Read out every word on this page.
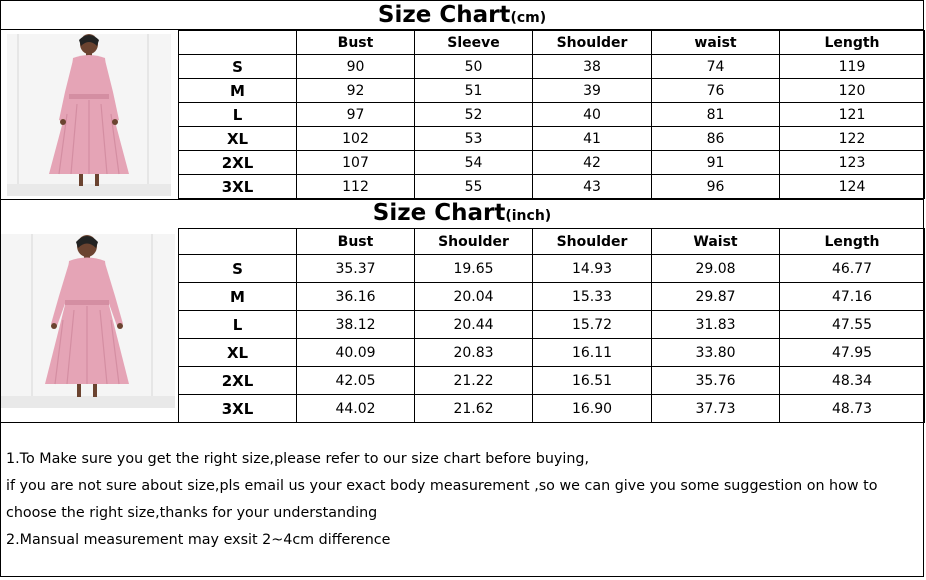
Size Chart(cm)
	Bust	Sleeve	Shoulder	waist	Length
S	90	50	38	74	119
M	92	51	39	76	120
L	97	52	40	81	121
XL	102	53	41	86	122
2XL	107	54	42	91	123
3XL	112	55	43	96	124
Size Chart(inch)
	Bust	Shoulder	Shoulder	Waist	Length
S	35.37	19.65	14.93	29.08	46.77
M	36.16	20.04	15.33	29.87	47.16
L	38.12	20.44	15.72	31.83	47.55
XL	40.09	20.83	16.11	33.80	47.95
2XL	42.05	21.22	16.51	35.76	48.34
3XL	44.02	21.62	16.90	37.73	48.73
1.To Make sure you get the right size,please refer to our size chart before buying,
if you are not sure about size,pls email us your exact body measurement ,so we can give you some suggestion on how to
choose the right size,thanks for your understanding
2.Mansual measurement may exsit 2~4cm difference
